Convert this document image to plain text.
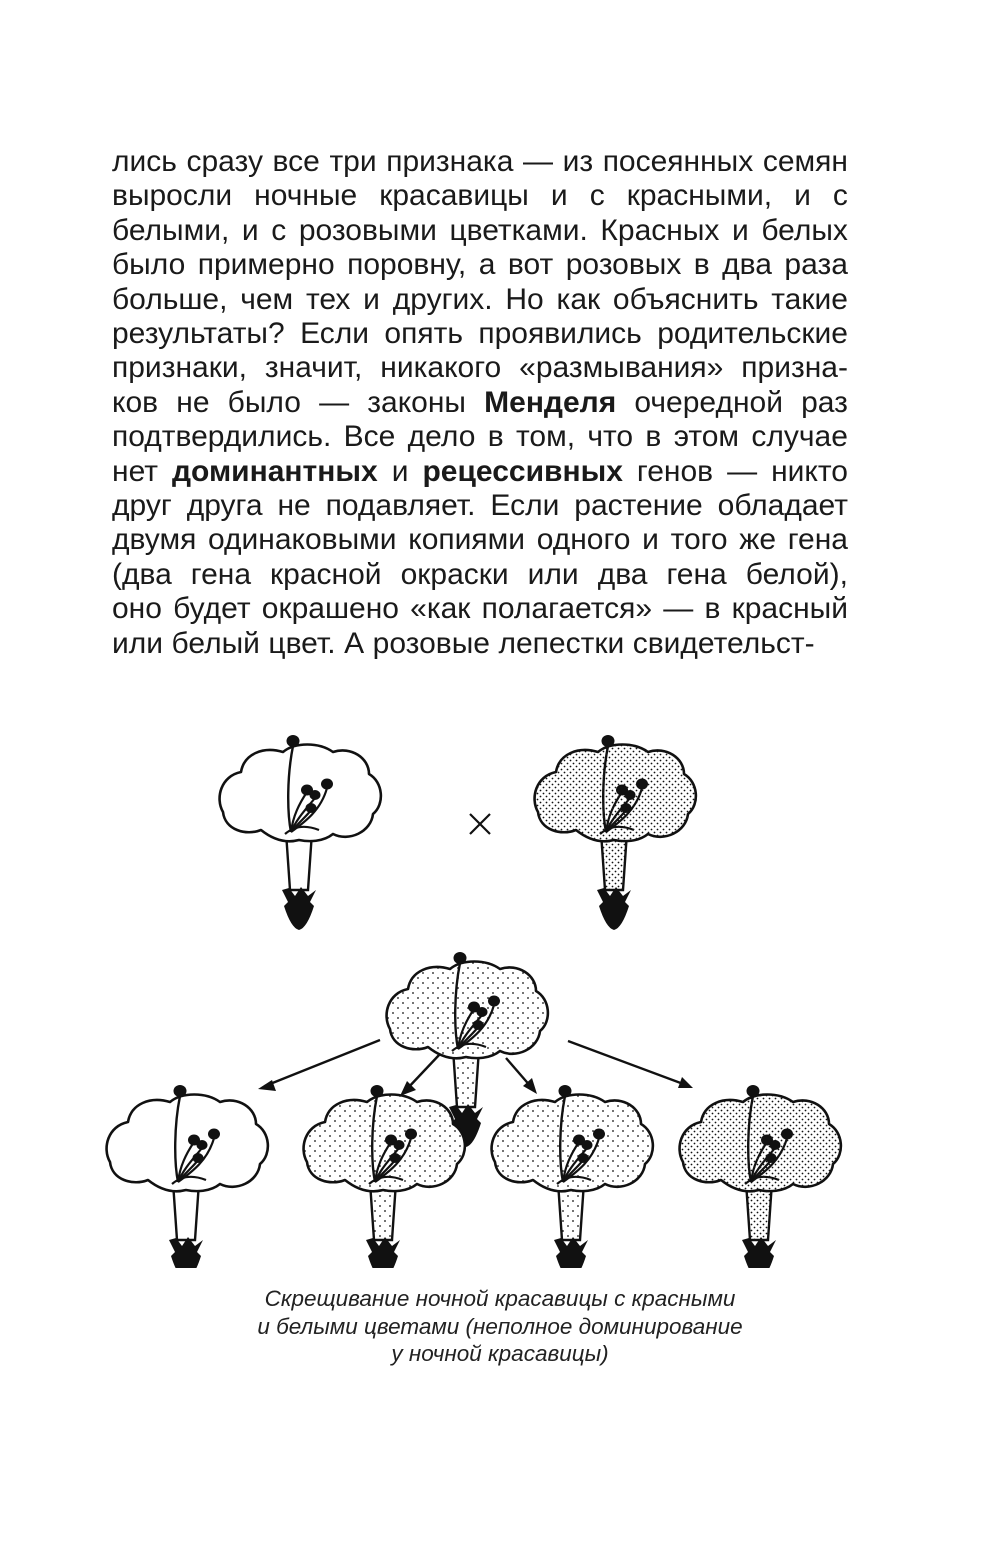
лись сразу все три признака — из посеянных семян
выросли ночные красавицы и с красными, и с
белыми, и с розовыми цветками. Красных и белых
было примерно поровну, а вот розовых в два раза
больше, чем тех и других. Но как объяснить такие
результаты? Если опять проявились родительские
признаки, значит, никакого «размывания» призна-
ков не было — законы Менделя очередной раз
подтвердились. Все дело в том, что в этом случае
нет доминантных и рецессивных генов — никто
друг друга не подавляет. Если растение обладает
двумя одинаковыми копиями одного и того же гена
(два гена красной окраски или два гена белой),
оно будет окрашено «как полагается» — в красный
или белый цвет. А розовые лепестки свидетельст-
Скрещивание ночной красавицы с красными
и белыми цветами (неполное доминирование
у ночной красавицы)
